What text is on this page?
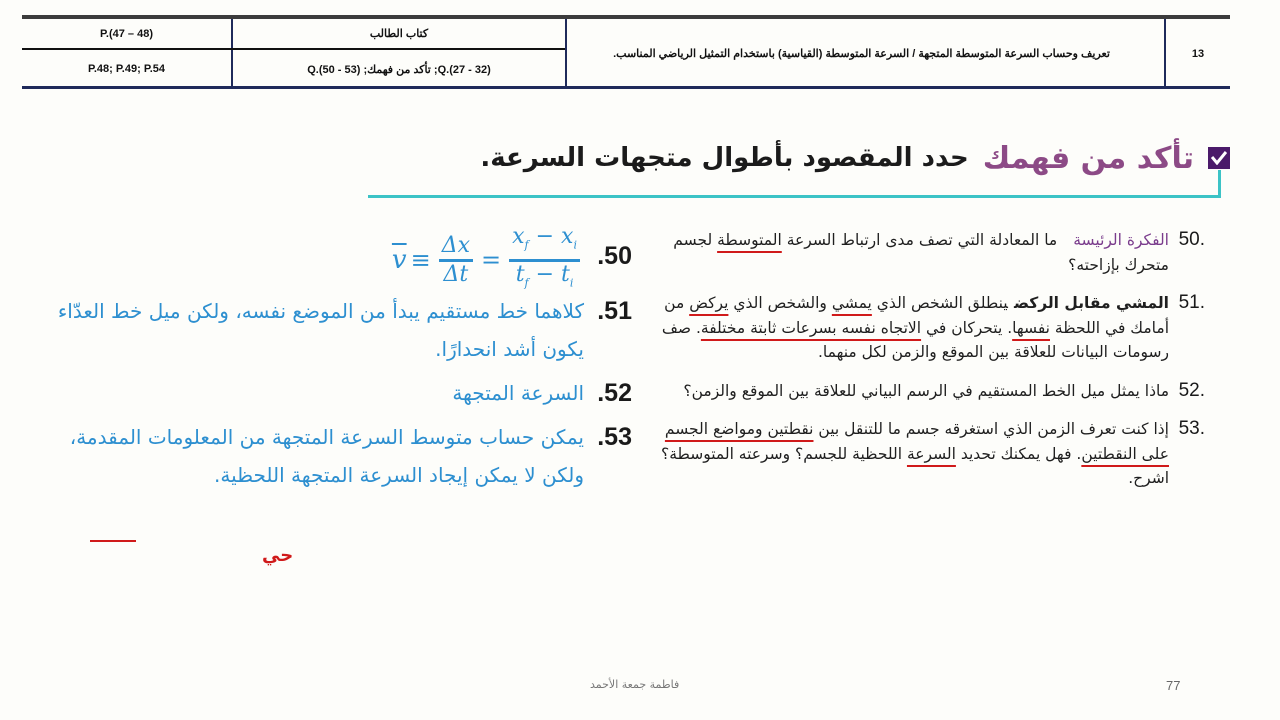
P.(47 – 48)
P.48; P.49; P.54
كتاب الطالب
Q.(50 - 53) ;تأكد من فهمك ;Q.(27 - 32)
تعريف وحساب السرعة المتوسطة المتجهة / السرعة المتوسطة (القياسية) باستخدام التمثيل الرياضي المناسب.	13
تأكد من فهمك
حدد المقصود بأطوال متجهات السرعة.
50.
الفكرة الرئيسةما المعادلة التي تصف مدى ارتباط السرعة المتوسطة لجسم متحرك بإزاحته؟
51.
المشي مقابل الركضينطلق الشخص الذي يمشي والشخص الذي يركض من أمامك في اللحظة نفسها. يتحركان في الاتجاه نفسه بسرعات ثابتة مختلفة. صف رسومات البيانات للعلاقة بين الموقع والزمن لكل منهما.
52.
ماذا يمثل ميل الخط المستقيم في الرسم البياني للعلاقة بين الموقع والزمن؟
53.
إذا كنت تعرف الزمن الذي استغرقه جسم ما للتنقل بين نقطتين ومواضع الجسم على النقطتين. فهل يمكنك تحديد السرعة اللحظية للجسم؟ وسرعته المتوسطة؟ اشرح.
$\overline{v} \equiv \frac{\Delta x}{\Delta t} = \frac{x_f - x_i}{t_f - t_i} .50$
.51
كلاهما خط مستقيم يبدأ من الموضع نفسه، ولكن ميل خط العدّاء يكون أشد انحدارًا.
.52
السرعة المتجهة
.53
يمكن حساب متوسط السرعة المتجهة من المعلومات المقدمة، ولكن لا يمكن إيجاد السرعة المتجهة اللحظية.
حي
فاطمة جمعة الأحمد	77
